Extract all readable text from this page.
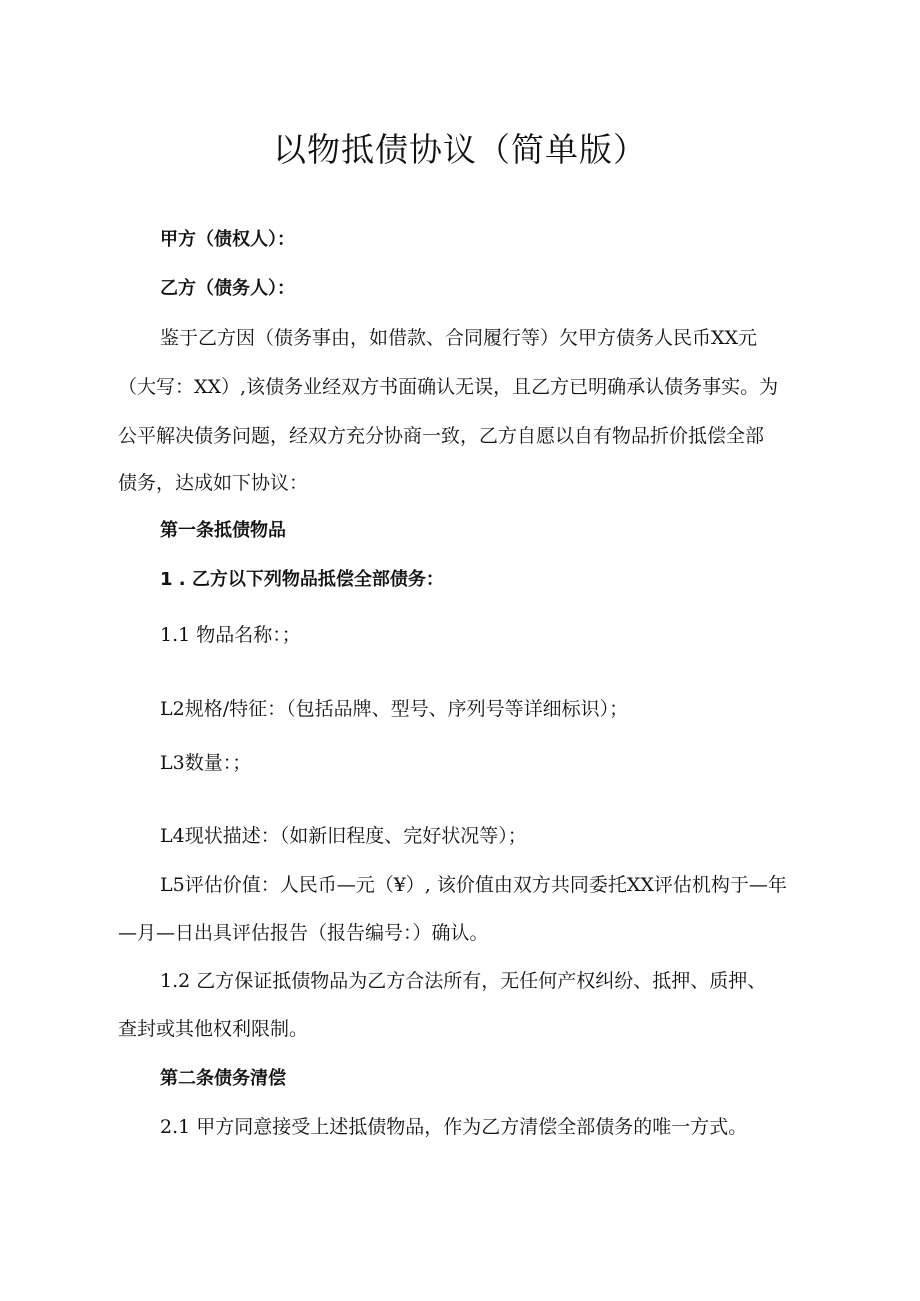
以物抵债协议（简单版）
甲方（债权人）：
乙方（债务人）：
鉴于乙方因（债务事由，如借款、合同履行等）欠甲方债务人民币XX元
（大写：XX）,该债务业经双方书面确认无误，且乙方已明确承认债务事实。为
公平解决债务问题，经双方充分协商一致，乙方自愿以自有物品折价抵偿全部
债务，达成如下协议：
第一条抵债物品
1 . 乙方以下列物品抵偿全部债务：
1.1 物品名称：；
L2规格/特征：（包括品牌、型号、序列号等详细标识）；
L3数量：；
L4现状描述：（如新旧程度、完好状况等）；
L5评估价值：人民币—元（¥）, 该价值由双方共同委托XX评估机构于—年
—月—日出具评估报告（报告编号：）确认。
1.2 乙方保证抵债物品为乙方合法所有，无任何产权纠纷、抵押、质押、
查封或其他权利限制。
第二条债务清偿
2.1 甲方同意接受上述抵债物品，作为乙方清偿全部债务的唯一方式。
